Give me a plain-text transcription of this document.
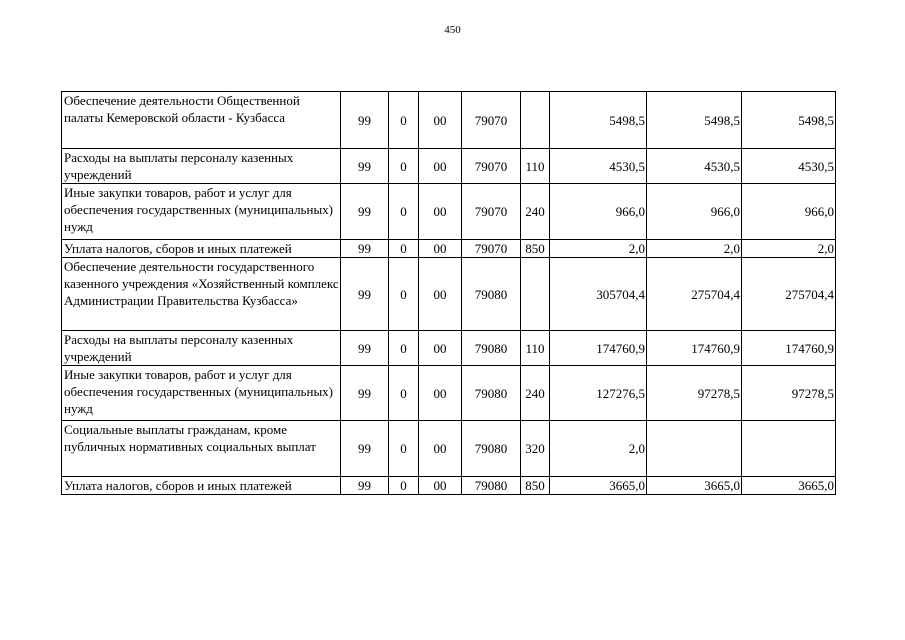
450
Обеспечение деятельности Общественной палаты Кемеровской области - Кузбасса	99	0	00	79070		5498,5	5498,5	5498,5
Расходы на выплаты персоналу казенных учреждений	99	0	00	79070	110	4530,5	4530,5	4530,5
Иные закупки товаров, работ и услуг для обеспечения государственных (муниципальных) нужд	99	0	00	79070	240	966,0	966,0	966,0
Уплата налогов, сборов и иных платежей	99	0	00	79070	850	2,0	2,0	2,0
Обеспечение деятельности государственного казенного учреждения «Хозяйственный комплекс Администрации Правительства Кузбасса»	99	0	00	79080		305704,4	275704,4	275704,4
Расходы на выплаты персоналу казенных учреждений	99	0	00	79080	110	174760,9	174760,9	174760,9
Иные закупки товаров, работ и услуг для обеспечения государственных (муниципальных) нужд	99	0	00	79080	240	127276,5	97278,5	97278,5
Социальные выплаты гражданам, кроме публичных нормативных социальных выплат	99	0	00	79080	320	2,0		
Уплата налогов, сборов и иных платежей	99	0	00	79080	850	3665,0	3665,0	3665,0
